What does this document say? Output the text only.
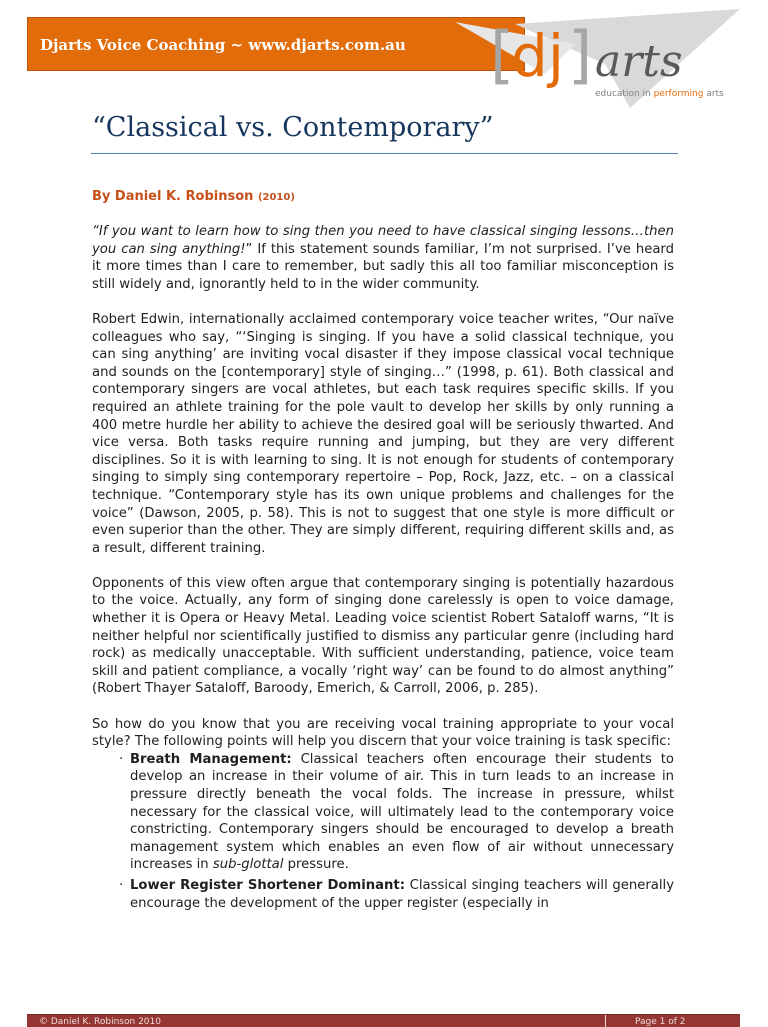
Djarts Voice Coaching ~ www.djarts.com.au [
dj ] arts
education in performing arts
“Classical vs. Contemporary”
By Daniel K. Robinson (2010)

“If you want to learn how to sing then you need to have classical singing lessons…then you can sing anything!” If this statement sounds familiar, I’m not surprised. I’ve heard it more times than I care to remember, but sadly this all too familiar misconception is still widely and, ignorantly held to in the wider community.

Robert Edwin, internationally acclaimed contemporary voice teacher writes, “Our naïve colleagues who say, “‘Singing is singing. If you have a solid classical technique, you can sing anything’ are inviting vocal disaster if they impose classical vocal technique and sounds on the [contemporary] style of singing…” (1998, p. 61). Both classical and contemporary singers are vocal athletes, but each task requires specific skills. If you required an athlete training for the pole vault to develop her skills by only running a 400 metre hurdle her ability to achieve the desired goal will be seriously thwarted. And vice versa. Both tasks require running and jumping, but they are very different disciplines. So it is with learning to sing. It is not enough for students of contemporary singing to simply sing contemporary repertoire – Pop, Rock, Jazz, etc. – on a classical technique. “Contemporary style has its own unique problems and challenges for the voice” (Dawson, 2005, p. 58). This is not to suggest that one style is more difficult or even superior than the other. They are simply different, requiring different skills and, as a result, different training.

Opponents of this view often argue that contemporary singing is potentially hazardous to the voice. Actually, any form of singing done carelessly is open to voice damage, whether it is Opera or Heavy Metal. Leading voice scientist Robert Sataloff warns, “It is neither helpful nor scientifically justified to dismiss any particular genre (including hard rock) as medically unacceptable. With sufficient understanding, patience, voice team skill and patient compliance, a vocally ‘right way’ can be found to do almost anything” (Robert Thayer Sataloff, Baroody, Emerich, & Carroll, 2006, p. 285).

So how do you know that you are receiving vocal training appropriate to your vocal style? The following points will help you discern that your voice training is task specific:

· Breath Management: Classical teachers often encourage their students to develop an increase in their volume of air. This in turn leads to an increase in pressure directly beneath the vocal folds. The increase in pressure, whilst necessary for the classical voice, will ultimately lead to the contemporary voice constricting. Contemporary singers should be encouraged to develop a breath management system which enables an even flow of air without unnecessary increases in sub-glottal pressure.
· Lower Register Shortener Dominant: Classical singing teachers will generally encourage the development of the upper register (especially in
© Daniel K. Robinson 2010	Page 1 of 2
